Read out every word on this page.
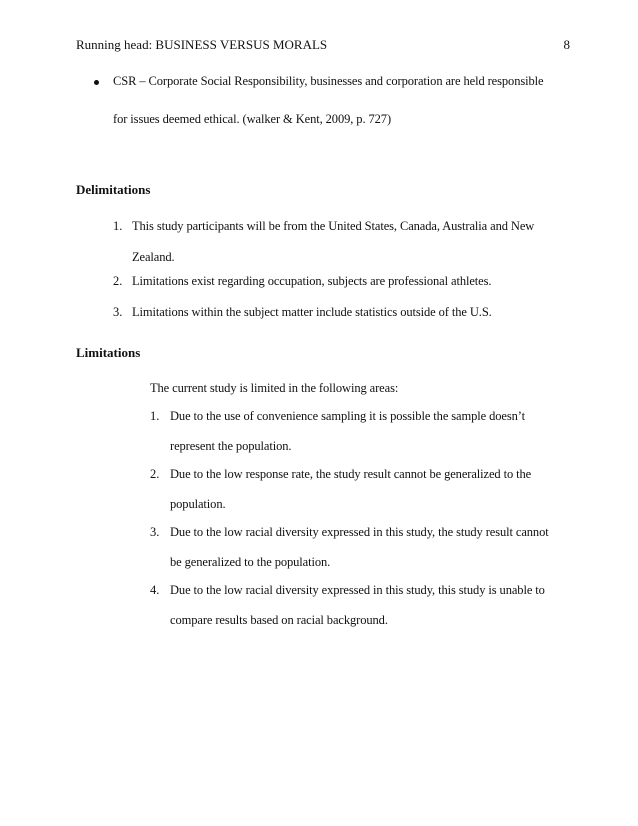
Running head: BUSINESS VERSUS MORALS	8
CSR – Corporate Social Responsibility, businesses and corporation are held responsible
for issues deemed ethical. (walker & Kent, 2009, p. 727)
Delimitations
1. This study participants will be from the United States, Canada, Australia and New
Zealand.
2. Limitations exist regarding occupation, subjects are professional athletes.
3. Limitations within the subject matter include statistics outside of the U.S.
Limitations
The current study is limited in the following areas:
1. Due to the use of convenience sampling it is possible the sample doesn’t
represent the population.
2. Due to the low response rate, the study result cannot be generalized to the
population.
3. Due to the low racial diversity expressed in this study, the study result cannot
be generalized to the population.
4. Due to the low racial diversity expressed in this study, this study is unable to
compare results based on racial background.
